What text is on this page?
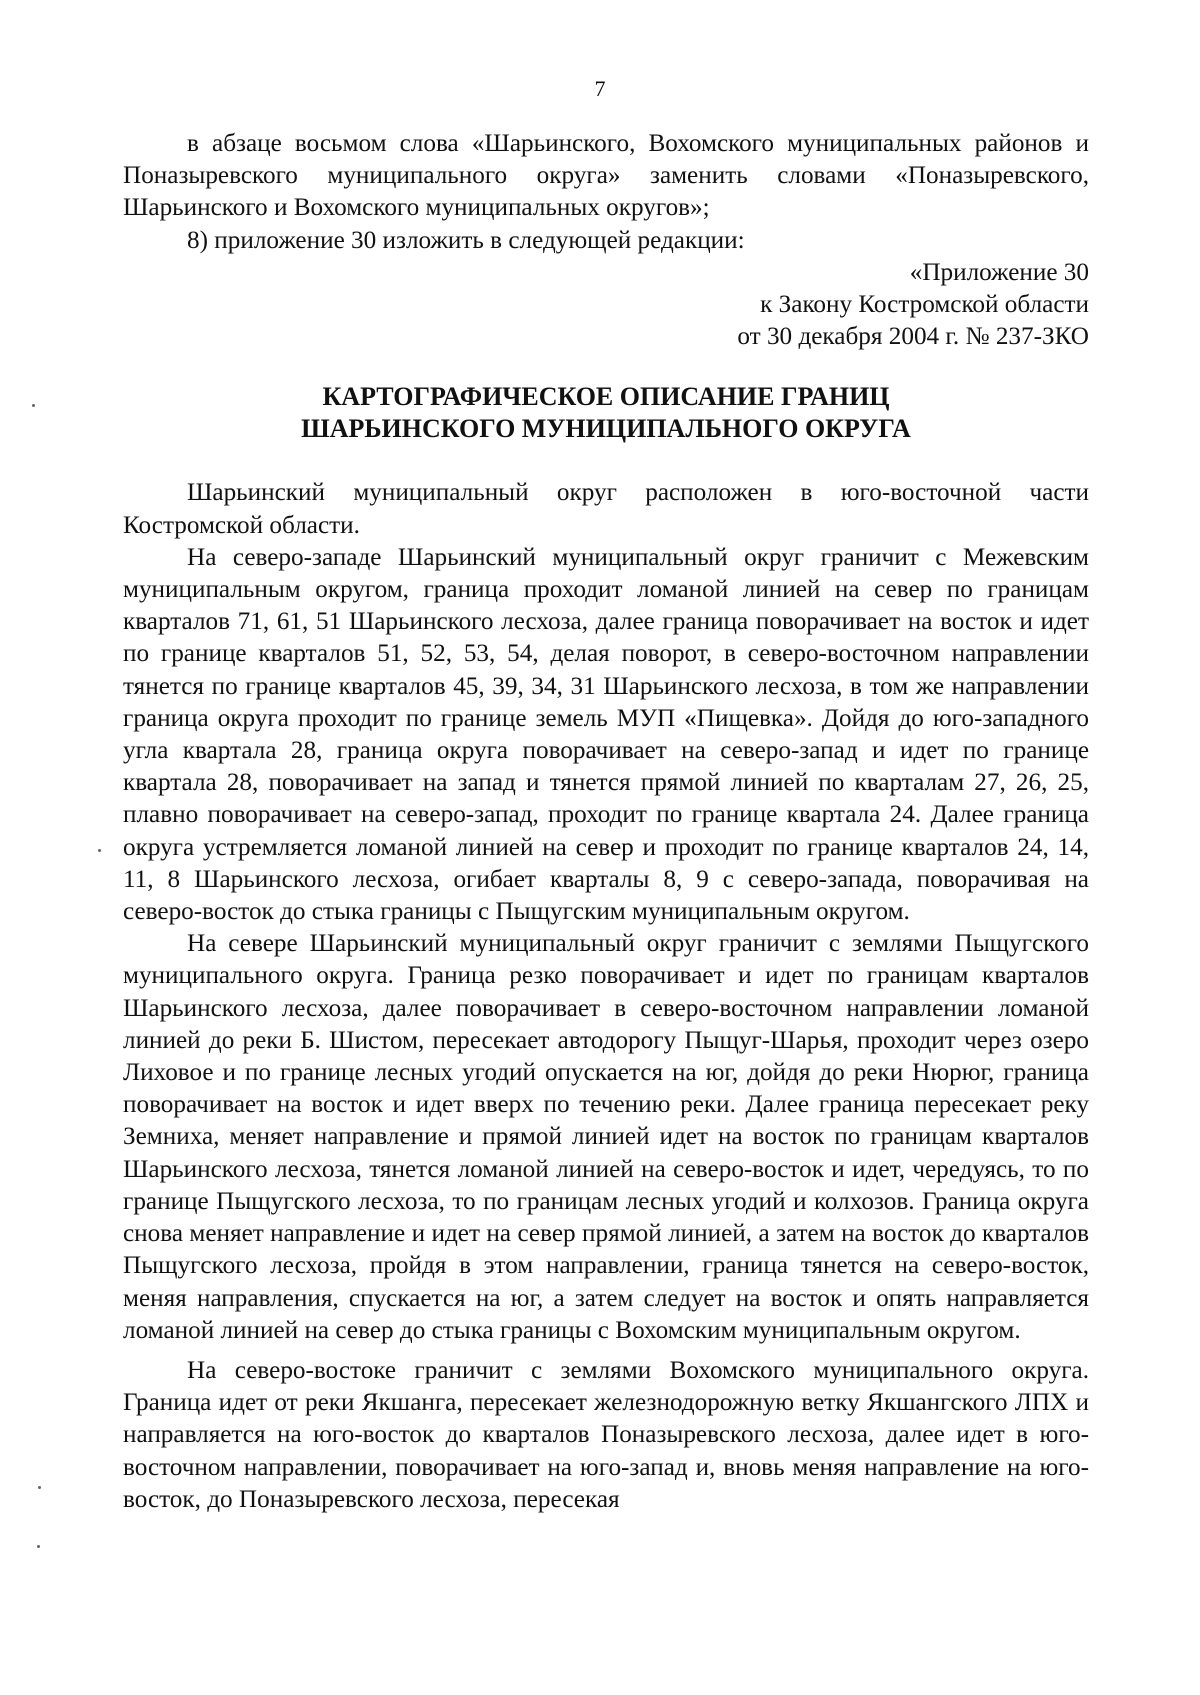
7

в абзаце восьмом слова «Шарьинского, Вохомского муниципальных районов и Поназыревского муниципального округа» заменить словами «Поназыревского, Шарьинского и Вохомского муниципальных округов»;

8) приложение 30 изложить в следующей редакции:

«Приложение 30
к Закону Костромской области
от 30 декабря 2004 г. № 237-ЗКО
КАРТОГРАФИЧЕСКОЕ ОПИСАНИЕ ГРАНИЦ
ШАРЬИНСКОГО МУНИЦИПАЛЬНОГО ОКРУГА

Шарьинский муниципальный округ расположен в юго-восточной части Костромской области.

На северо-западе Шарьинский муниципальный округ граничит с Межевским муниципальным округом, граница проходит ломаной линией на север по границам кварталов 71, 61, 51 Шарьинского лесхоза, далее граница поворачивает на восток и идет по границе кварталов 51, 52, 53, 54, делая поворот, в северо-восточном направлении тянется по границе кварталов 45, 39, 34, 31 Шарьинского лесхоза, в том же направлении граница округа проходит по границе земель МУП «Пищевка». Дойдя до юго-западного угла квартала 28, граница округа поворачивает на северо-запад и идет по границе квартала 28, поворачивает на запад и тянется прямой линией по кварталам 27, 26, 25, плавно поворачивает на северо-запад, проходит по границе квартала 24. Далее граница округа устремляется ломаной линией на север и проходит по границе кварталов 24, 14, 11, 8 Шарьинского лесхоза, огибает кварталы 8, 9 с северо-запада, поворачивая на северо-восток до стыка границы с Пыщугским муниципальным округом.

На севере Шарьинский муниципальный округ граничит с землями Пыщугского муниципального округа. Граница резко поворачивает и идет по границам кварталов Шарьинского лесхоза, далее поворачивает в северо-восточном направлении ломаной линией до реки Б. Шистом, пересекает автодорогу Пыщуг-Шарья, проходит через озеро Лиховое и по границе лесных угодий опускается на юг, дойдя до реки Нюрюг, граница поворачивает на восток и идет вверх по течению реки. Далее граница пересекает реку Земниха, меняет направление и прямой линией идет на восток по границам кварталов Шарьинского лесхоза, тянется ломаной линией на северо-восток и идет, чередуясь, то по границе Пыщугского лесхоза, то по границам лесных угодий и колхозов. Граница округа снова меняет направление и идет на север прямой линией, а затем на восток до кварталов Пыщугского лесхоза, пройдя в этом направлении, граница тянется на северо-восток, меняя направления, спускается на юг, а затем следует на восток и опять направляется ломаной линией на север до стыка границы с Вохомским муниципальным округом.

На северо-востоке граничит с землями Вохомского муниципального округа. Граница идет от реки Якшанга, пересекает железнодорожную ветку Якшангского ЛПХ и направляется на юго-восток до кварталов Поназыревского лесхоза, далее идет в юго-восточном направлении, поворачивает на юго-запад и, вновь меняя направление на юго-восток, до Поназыревского лесхоза, пересекая
